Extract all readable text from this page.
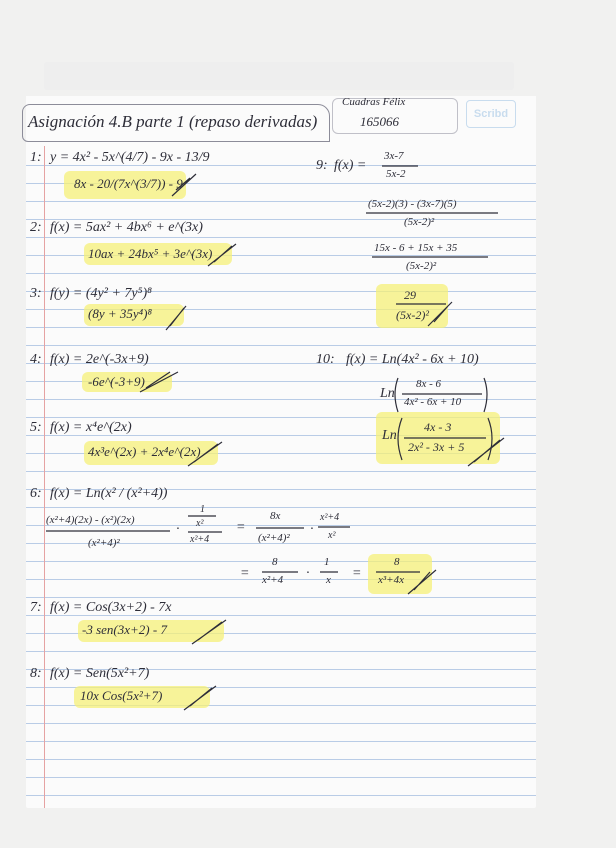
Scribd
Asignación 4.B parte 1 (repaso derivadas)
Cuadras Félix
165066
1: y = 4x² - 5x^(4/7) - 9x - 13/9
8x - 20/(7x^(3/7)) - 9
2: f(x) = 5ax² + 4bx⁶ + e^(3x)
10ax + 24bx⁵ + 3e^(3x)
3: f(y) = (4y² + 7y⁵)⁸
(8y + 35y⁴)⁸
4: f(x) = 2e^(-3x+9)
-6e^(-3+9)
5: f(x) = x⁴e^(2x)
4x³e^(2x) + 2x⁴e^(2x)
6: f(x) = Ln(x² / (x²+4))
(x²+4)(2x) - (x²)(2x)
(x²+4)²
·
1
x²
x²+4
=
8x
(x²+4)²
·
x²+4
x²
=
8
x²+4 ·
1
x =
8
x³+4x
7: f(x) = Cos(3x+2) - 7x
-3 sen(3x+2) - 7
8: f(x) = Sen(5x²+7)
10x Cos(5x²+7)
9: f(x) =
3x-7
5x-2
(5x-2)(3) - (3x-7)(5)
(5x-2)²
15x - 6 + 15x + 35
(5x-2)²
29
(5x-2)²
10: f(x) = Ln(4x² - 6x + 10)
Ln
8x - 6
4x² - 6x + 10
Ln
4x - 3
2x² - 3x + 5
